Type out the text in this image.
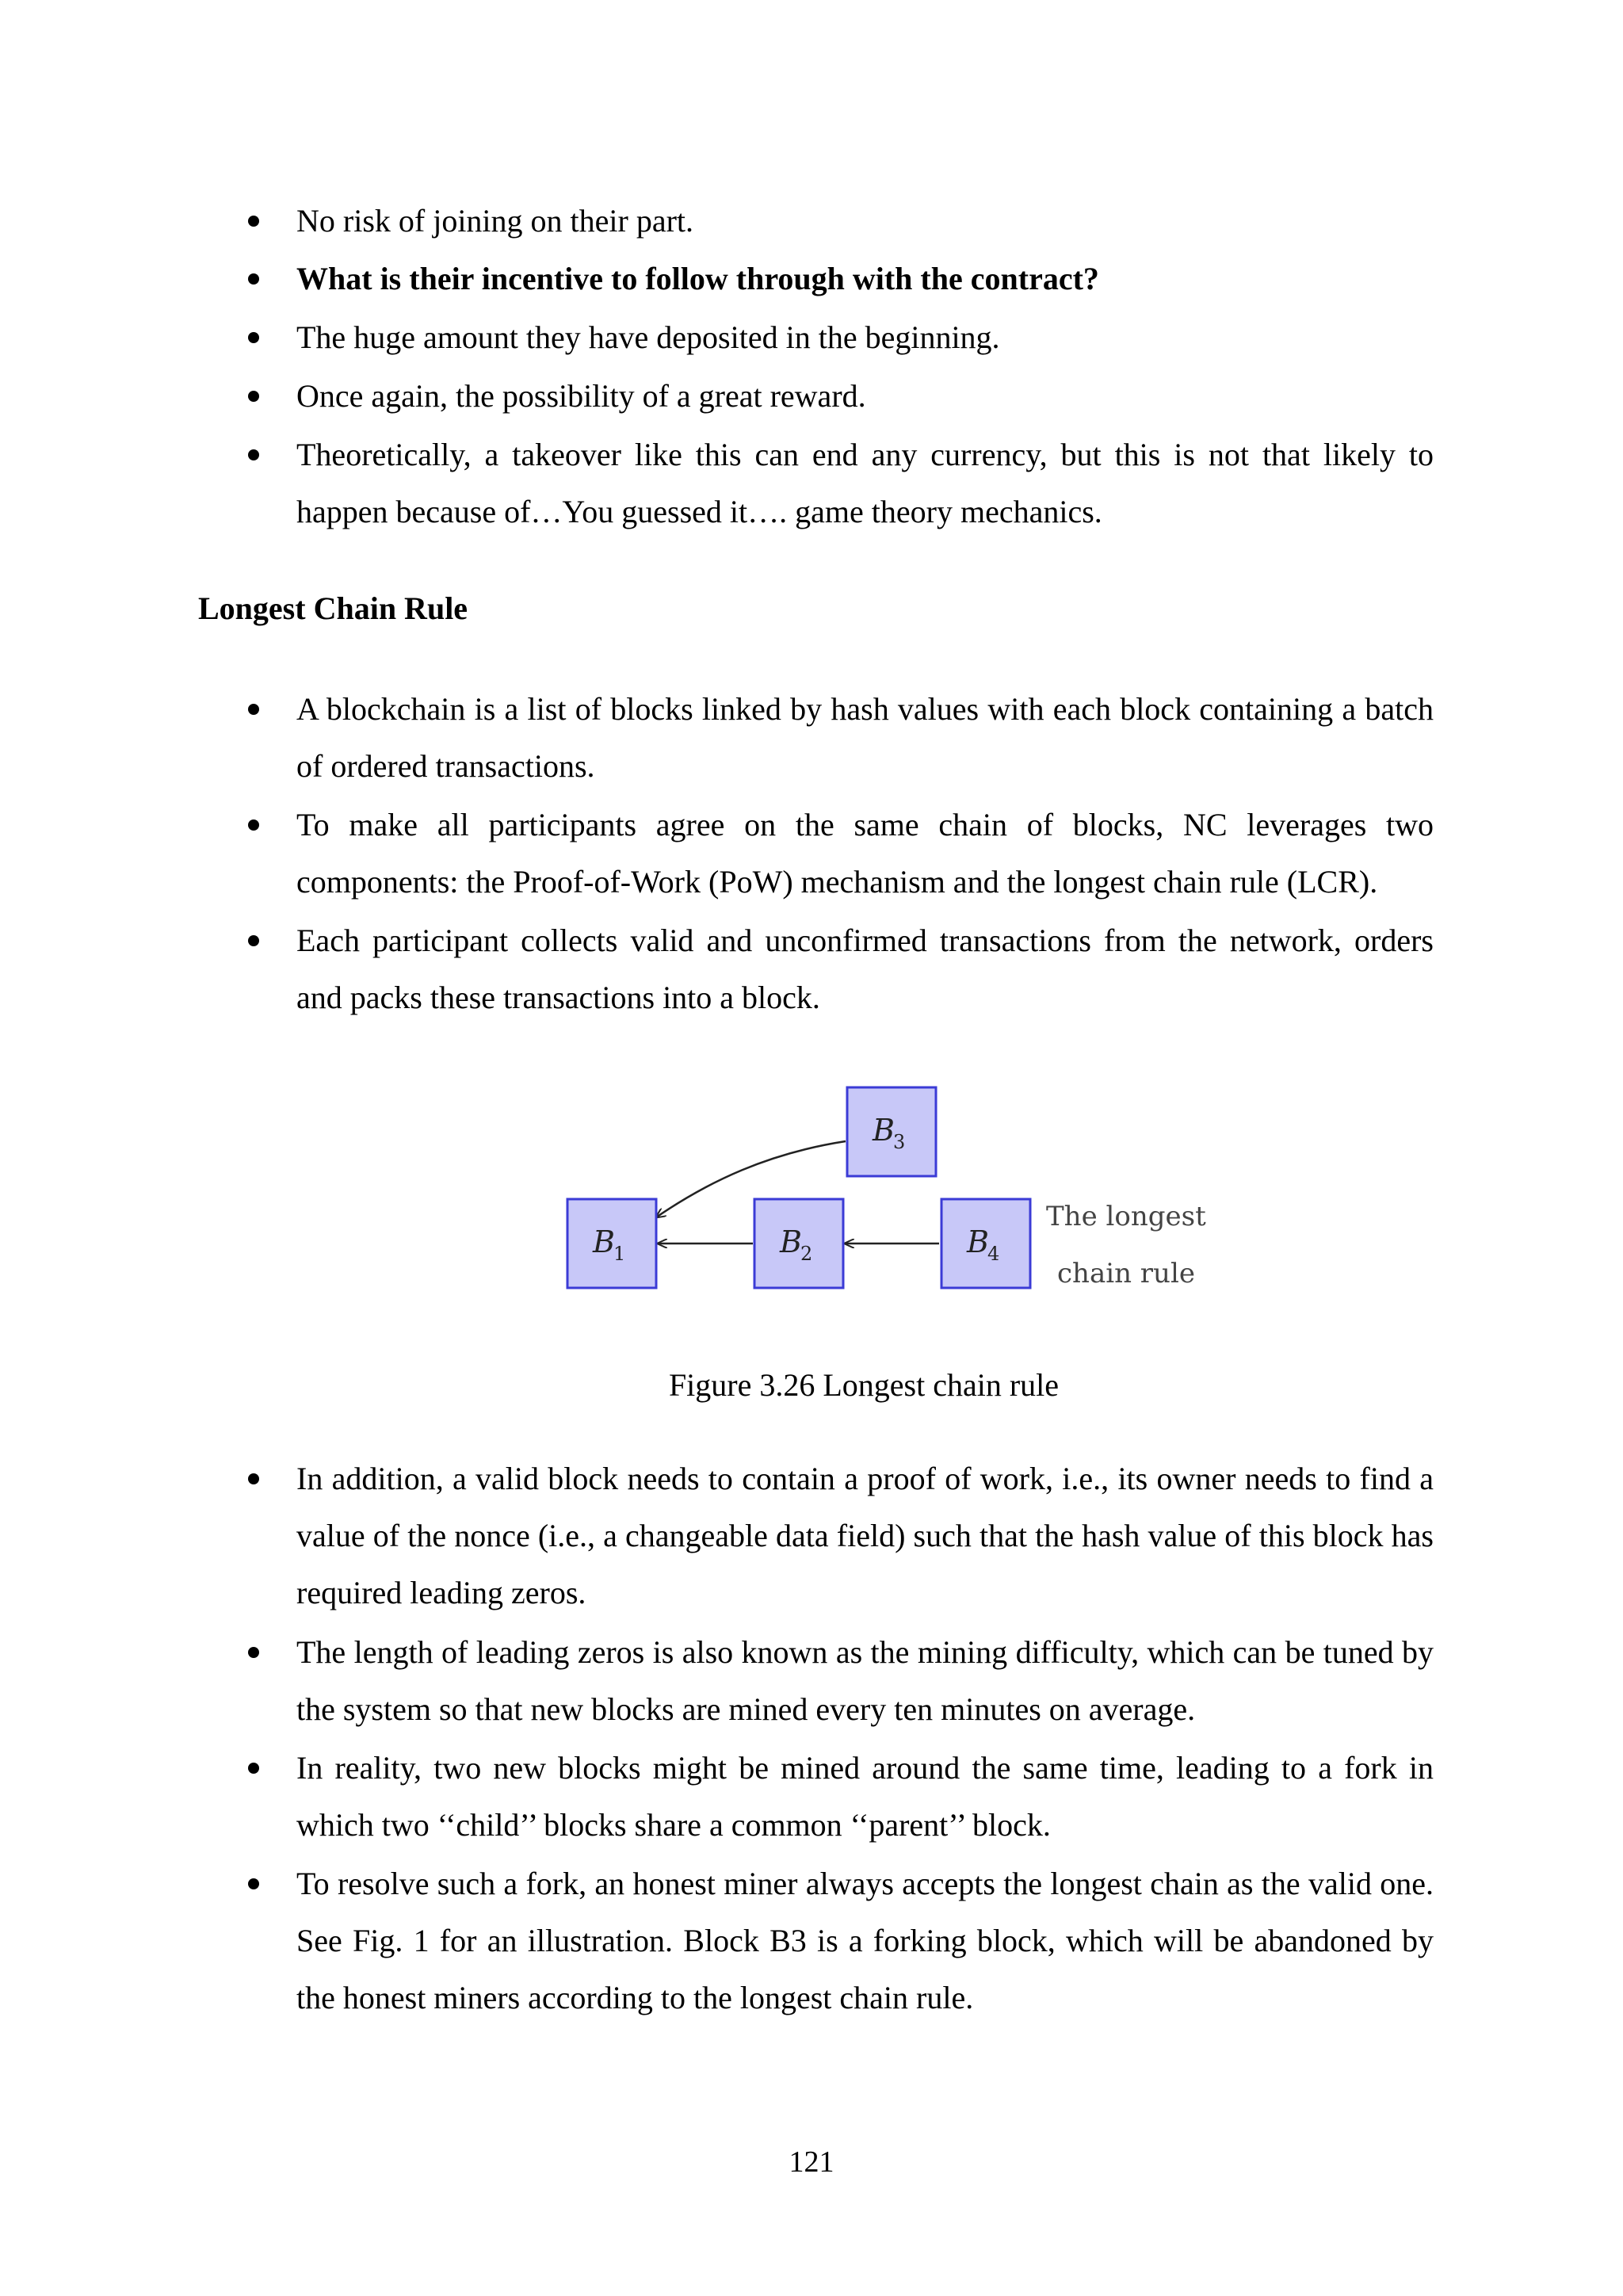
No risk of joining on their part.
What is their incentive to follow through with the contract?
The huge amount they have deposited in the beginning.
Once again, the possibility of a great reward.
Theoretically, a takeover like this can end any currency, but this is not that likely to happen because of…You guessed it…. game theory mechanics.
Longest Chain Rule
A blockchain is a list of blocks linked by hash values with each block containing a batch of ordered transactions.
To make all participants agree on the same chain of blocks, NC leverages two components: the Proof-of-Work (PoW) mechanism and the longest chain rule (LCR).
Each participant collects valid and unconfirmed transactions from the network, orders and packs these transactions into a block.
B
1	B
2
B
3
B
4
The longest
chain rule
Figure 3.26 Longest chain rule
In addition, a valid block needs to contain a proof of work, i.e., its owner needs to find a value of the nonce (i.e., a changeable data field) such that the hash value of this block has required leading zeros.
The length of leading zeros is also known as the mining difficulty, which can be tuned by the system so that new blocks are mined every ten minutes on average.
In reality, two new blocks might be mined around the same time, leading to a fork in which two ‘‘child’’ blocks share a common ‘‘parent’’ block.
To resolve such a fork, an honest miner always accepts the longest chain as the valid one. See Fig. 1 for an illustration. Block B3 is a forking block, which will be abandoned by the honest miners according to the longest chain rule.
121
